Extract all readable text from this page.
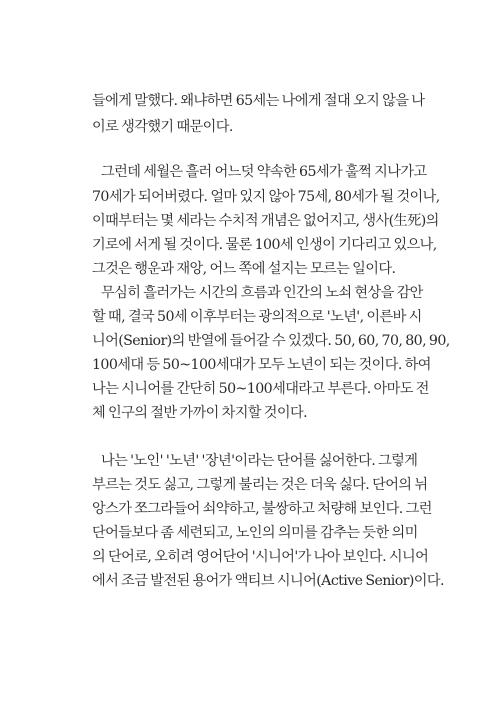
들에게 말했다. 왜냐하면 65세는 나에게 절대 오지 않을 나
이로 생각했기 때문이다.
그런데 세월은 흘러 어느덧 약속한 65세가 훌쩍 지나가고
70세가 되어버렸다. 얼마 있지 않아 75세, 80세가 될 것이나,
이때부터는 몇 세라는 수치적 개념은 없어지고, 생사(生死)의
기로에 서게 될 것이다. 물론 100세 인생이 기다리고 있으나,
그것은 행운과 재앙, 어느 쪽에 설지는 모르는 일이다.
무심히 흘러가는 시간의 흐름과 인간의 노쇠 현상을 감안
할 때, 결국 50세 이후부터는 광의적으로 '노년', 이른바 시
니어(Senior)의 반열에 들어갈 수 있겠다. 50, 60, 70, 80, 90,
100세대 등 50~100세대가 모두 노년이 되는 것이다. 하여
나는 시니어를 간단히 50~100세대라고 부른다. 아마도 전
체 인구의 절반 가까이 차지할 것이다.
나는 '노인' '노년' '장년'이라는 단어를 싫어한다. 그렇게
부르는 것도 싫고, 그렇게 불리는 것은 더욱 싫다. 단어의 뉘
앙스가 쪼그라들어 쇠약하고, 불쌍하고 처량해 보인다. 그런
단어들보다 좀 세련되고, 노인의 의미를 감추는 듯한 의미
의 단어로, 오히려 영어단어 '시니어'가 나아 보인다. 시니어
에서 조금 발전된 용어가 액티브 시니어(Active Senior)이다.
